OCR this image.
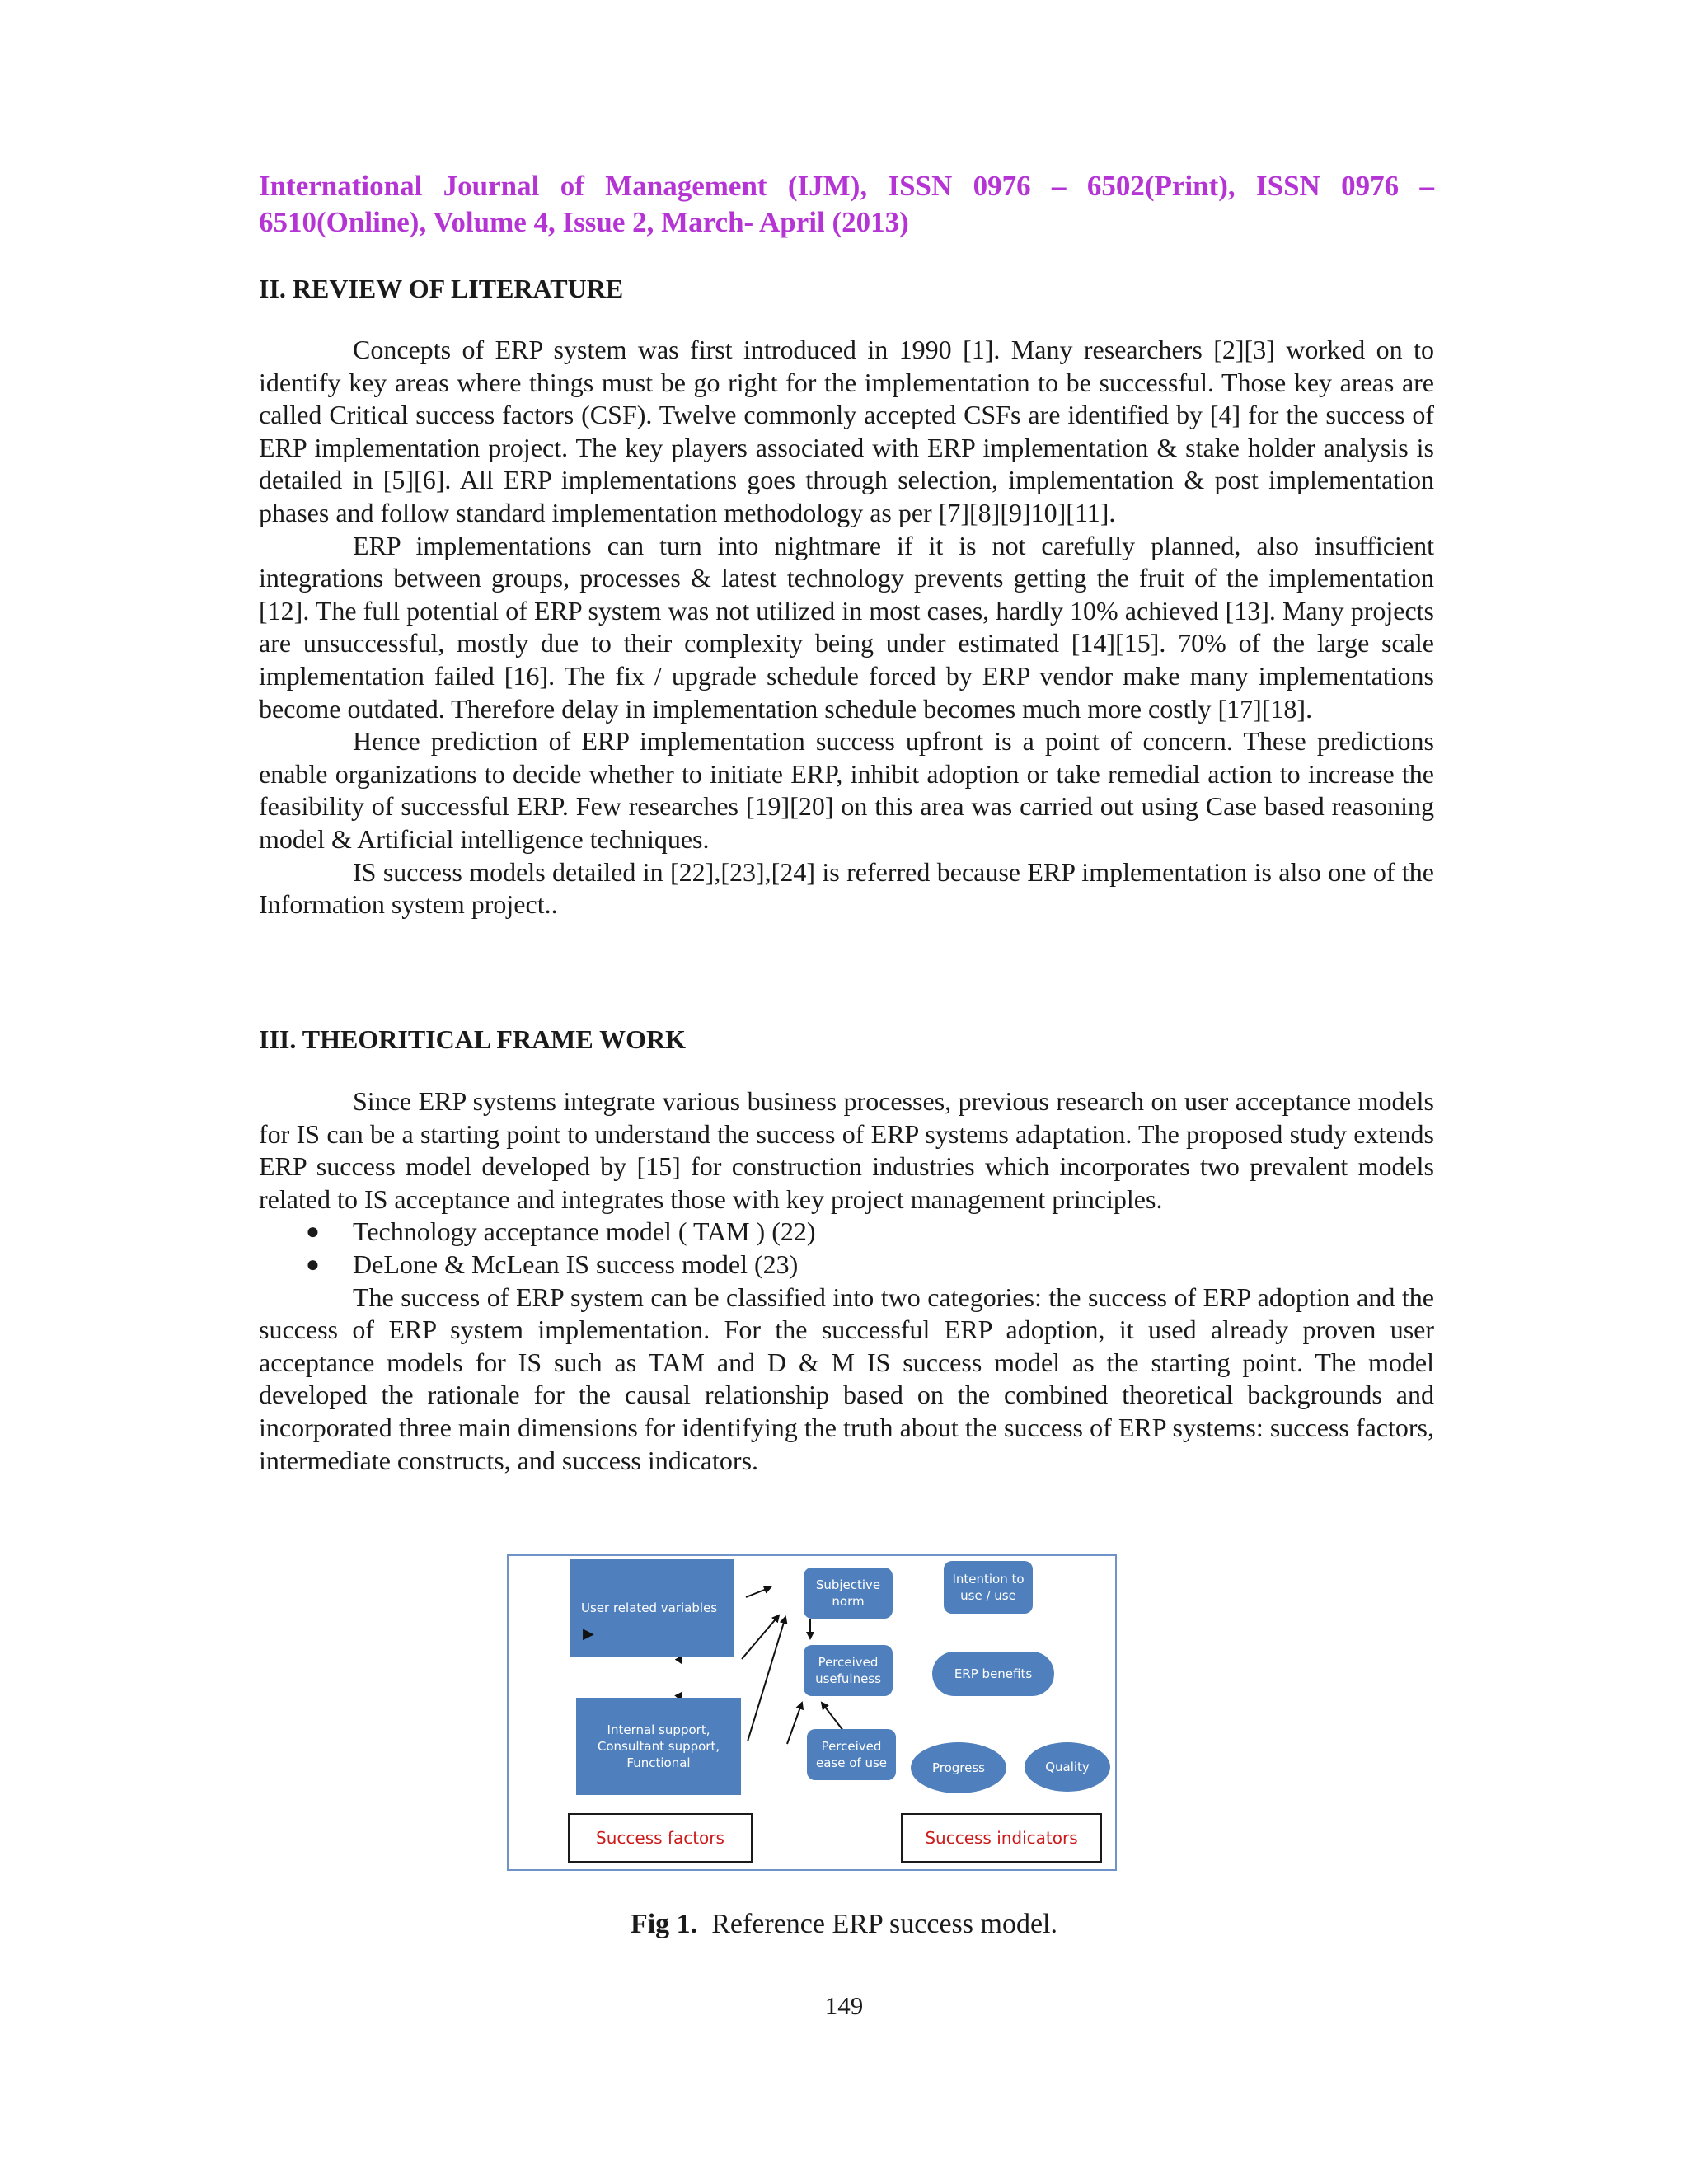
International Journal of Management (IJM), ISSN 0976 – 6502(Print), ISSN 0976 – 6510(Online), Volume 4, Issue 2, March- April (2013)
II. REVIEW OF LITERATURE

Concepts of ERP system was first introduced in 1990 [1]. Many researchers [2][3] worked on to identify key areas where things must be go right for the implementation to be successful. Those key areas are called Critical success factors (CSF). Twelve commonly accepted CSFs are identified by [4] for the success of ERP implementation project. The key players associated with ERP implementation & stake holder analysis is detailed in [5][6]. All ERP implementations goes through selection, implementation & post implementation phases and follow standard implementation methodology as per [7][8][9]10][11].

ERP implementations can turn into nightmare if it is not carefully planned, also insufficient integrations between groups, processes & latest technology prevents getting the fruit of the implementation [12]. The full potential of ERP system was not utilized in most cases, hardly 10% achieved [13]. Many projects are unsuccessful, mostly due to their complexity being under estimated [14][15]. 70% of the large scale implementation failed [16]. The fix / upgrade schedule forced by ERP vendor make many implementations become outdated. Therefore delay in implementation schedule becomes much more costly [17][18].

Hence prediction of ERP implementation success upfront is a point of concern. These predictions enable organizations to decide whether to initiate ERP, inhibit adoption or take remedial action to increase the feasibility of successful ERP. Few researches [19][20] on this area was carried out using Case based reasoning model & Artificial intelligence techniques.

IS success models detailed in [22],[23],[24] is referred because ERP implementation is also one of the Information system project..

III. THEORITICAL FRAME WORK

Since ERP systems integrate various business processes, previous research on user acceptance models for IS can be a starting point to understand the success of ERP systems adaptation. The proposed study extends ERP success model developed by [15] for construction industries which incorporates two prevalent models related to IS acceptance and integrates those with key project management principles.

● Technology acceptance model ( TAM ) (22)
● DeLone & McLean IS success model (23)

The success of ERP system can be classified into two categories: the success of ERP adoption and the success of ERP system implementation. For the successful ERP adoption, it used already proven user acceptance models for IS such as TAM and D & M IS success model as the starting point. The model developed the rationale for the causal relationship based on the combined theoretical backgrounds and incorporated three main dimensions for identifying the truth about the success of ERP systems: success factors, intermediate constructs, and success indicators.

User related variables
▶
Internal support, Consultant support, Functional
Subjective norm
Perceived usefulness
Perceived ease of use
Intention to use / use
ERP benefits
Progress	Quality
Success factors	Success indicators
Fig 1. Reference ERP success model.
149
